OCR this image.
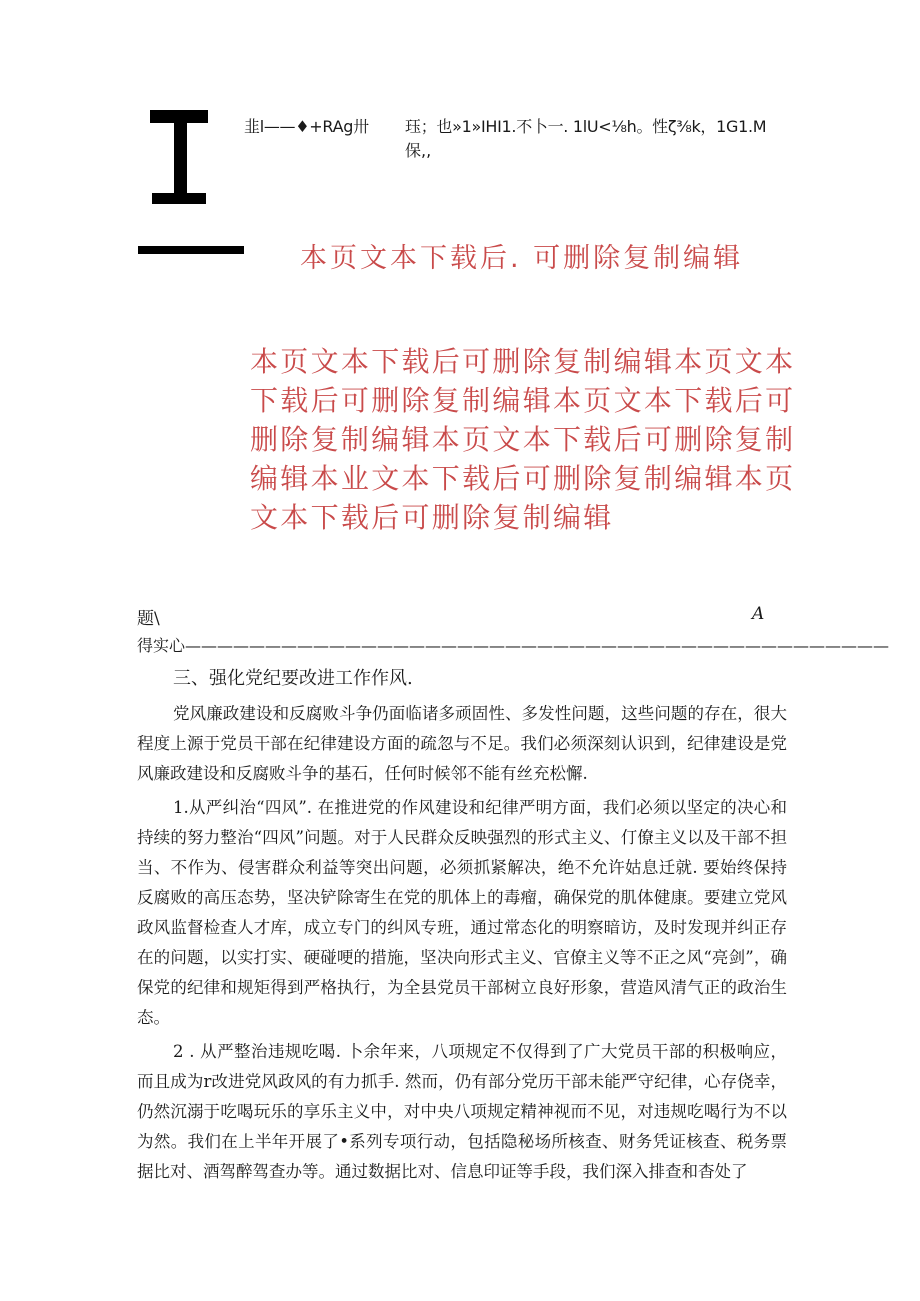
韭l——♦+RAg卅 珏；也»1»IHI1.不卜一. 1lU<⅛h。性ζ⅜k，1G1.M
保,,
本页文本下载后. 可删除复制编辑
本页文本下载后可删除复制编辑本页文本
下载后可删除复制编辑本页文本下载后可
删除复制编辑本页文本下载后可删除复制
编辑本业文本下载后可删除复制编辑本页
文本下载后可删除复制编辑
题\	A
得实心————————————————————————————————————————————
三、强化党纪要改进工作作风.

党风廉政建设和反腐败斗争仍面临诸多顽固性、多发性问题，这些问题的存在，很大程度上源于党员干部在纪律建设方面的疏忽与不足。我们必须深刻认识到，纪律建设是党风廉政建设和反腐败斗争的基石，任何时候邻不能有丝充松懈.

1.从严纠治“四风”. 在推进党的作风建设和纪律严明方面，我们必须以坚定的决心和持续的努力整治“四风”问题。对于人民群众反映强烈的形式主义、仃僚主义以及干部不担当、不作为、侵害群众利益等突出问题，必须抓紧解决，绝不允许姑息迁就. 要始终保持反腐败的高压态势，坚决铲除寄生在党的肌体上的毒瘤，确保党的肌体健康。要建立党风政风监督检查人才库，成立专门的纠风专班，通过常态化的明察暗访，及时发现并纠正存在的问题，以实打实、硬碰哽的措施，坚决向形式主义、官僚主义等不正之风“亮剑”，确保党的纪律和规矩得到严格执行，为全县党员干部树立良好形象，营造风清气正的政治生态。

2 . 从严整治违规吃喝. 卜余年来，八项规定不仅得到了广大党员干部的积极响应，而且成为r改进党风政风的有力抓手. 然而，仍有部分党历干部未能严守纪律，心存侥幸，仍然沉溺于吃喝玩乐的享乐主义中，对中央八项规定精神视而不见，对违规吃喝行为不以为然。我们在上半年开展了•系列专项行动，包括隐秘场所核查、财务凭证核查、税务票据比对、酒驾醉驾查办等。通过数据比对、信息印证等手段，我们深入排查和杳处了
